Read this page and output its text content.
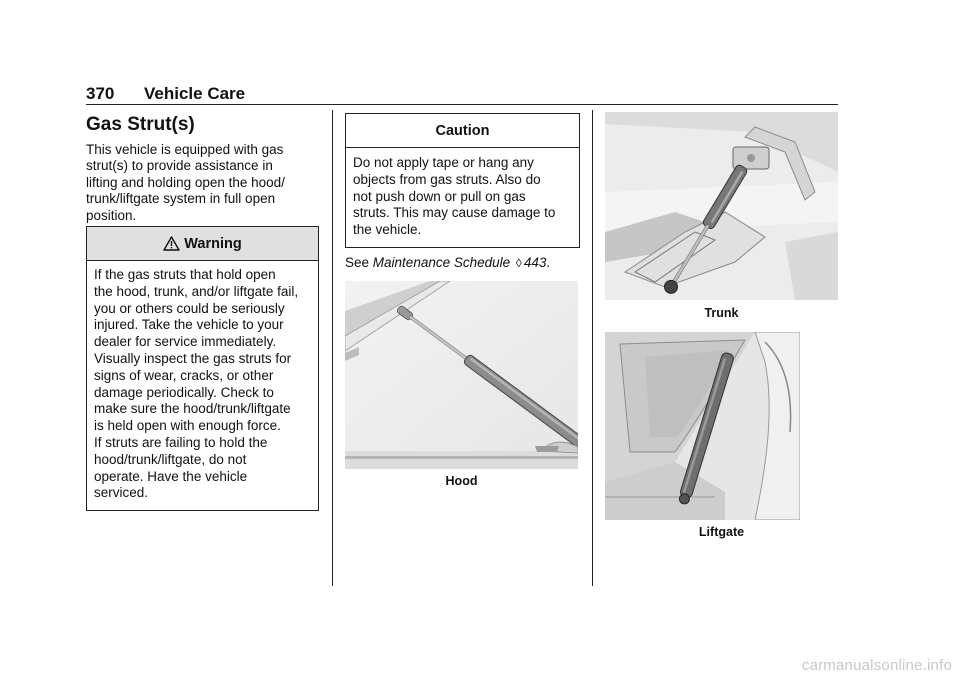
370 Vehicle Care
Gas Strut(s)

This vehicle is equipped with gas
strut(s) to provide assistance in
lifting and holding open the hood/
trunk/liftgate system in full open
position.

Warning
If the gas struts that hold open
the hood, trunk, and/or liftgate fail,
you or others could be seriously
injured. Take the vehicle to your
dealer for service immediately.
Visually inspect the gas struts for
signs of wear, cracks, or other
damage periodically. Check to
make sure the hood/trunk/liftgate
is held open with enough force.
If struts are failing to hold the
hood/trunk/liftgate, do not
operate. Have the vehicle
serviced.
Caution
Do not apply tape or hang any
objects from gas struts. Also do
not push down or pull on gas
struts. This may cause damage to
the vehicle.
See Maintenance Schedule ◊ 443.
Hood
Trunk
Liftgate
carmanualsonline.info
